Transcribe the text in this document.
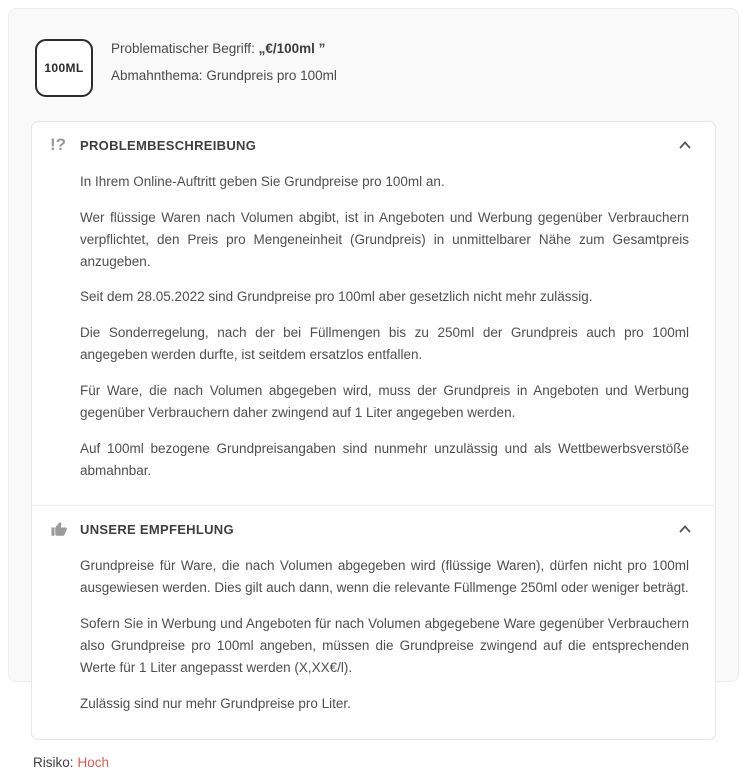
100ML
Problematischer Begriff: „€/100ml ”
Abmahnthema: Grundpreis pro 100ml
!?	PROBLEMBESCHREIBUNG

In Ihrem Online-Auftritt geben Sie Grundpreise pro 100ml an.

Wer flüssige Waren nach Volumen abgibt, ist in Angeboten und Werbung gegenüber Verbrauchern verpflichtet, den Preis pro Mengeneinheit (Grundpreis) in unmittelbarer Nähe zum Gesamtpreis anzugeben.

Seit dem 28.05.2022 sind Grundpreise pro 100ml aber gesetzlich nicht mehr zulässig.

Die Sonderregelung, nach der bei Füllmengen bis zu 250ml der Grundpreis auch pro 100ml angegeben werden durfte, ist seitdem ersatzlos entfallen.

Für Ware, die nach Volumen abgegeben wird, muss der Grundpreis in Angeboten und Werbung gegenüber Verbrauchern daher zwingend auf 1 Liter angegeben werden.

Auf 100ml bezogene Grundpreisangaben sind nunmehr unzulässig und als Wettbewerbsverstöße abmahnbar.

UNSERE EMPFEHLUNG

Grundpreise für Ware, die nach Volumen abgegeben wird (flüssige Waren), dürfen nicht pro 100ml ausgewiesen werden. Dies gilt auch dann, wenn die relevante Füllmenge 250ml oder weniger beträgt.

Sofern Sie in Werbung und Angeboten für nach Volumen abgegebene Ware gegenüber Verbrauchern also Grundpreise pro 100ml angeben, müssen die Grundpreise zwingend auf die entsprechenden Werte für 1 Liter angepasst werden (X,XX€/l).

Zulässig sind nur mehr Grundpreise pro Liter.

Risiko: Hoch
